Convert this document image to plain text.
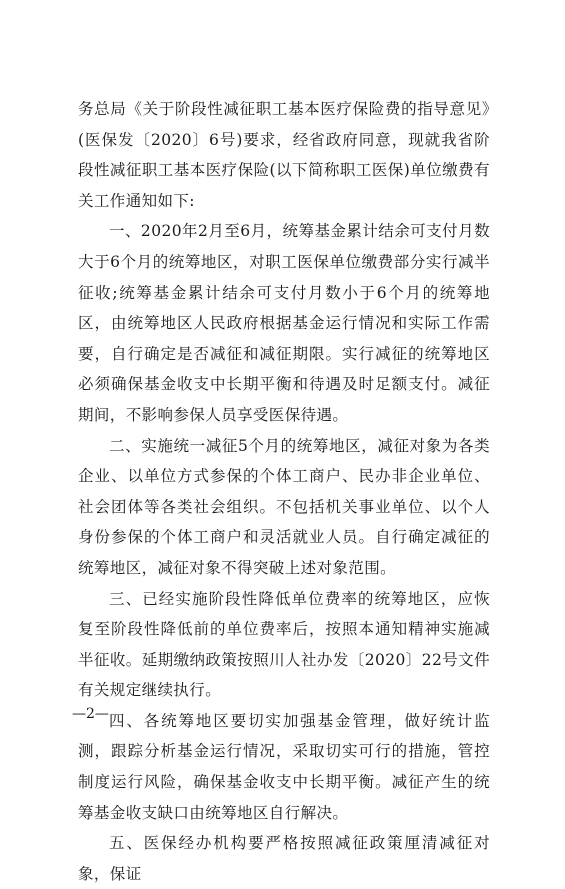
务总局《关于阶段性减征职工基本医疗保险费的指导意见》(医保发〔2020〕6号)要求，经省政府同意，现就我省阶段性减征职工基本医疗保险(以下简称职工医保)单位缴费有关工作通知如下:

一、2020年2月至6月，统筹基金累计结余可支付月数大于6个月的统筹地区，对职工医保单位缴费部分实行减半征收;统筹基金累计结余可支付月数小于6个月的统筹地区，由统筹地区人民政府根据基金运行情况和实际工作需要，自行确定是否减征和减征期限。实行减征的统筹地区必须确保基金收支中长期平衡和待遇及时足额支付。减征期间，不影响参保人员享受医保待遇。

二、实施统一减征5个月的统筹地区，减征对象为各类企业、以单位方式参保的个体工商户、民办非企业单位、社会团体等各类社会组织。不包括机关事业单位、以个人身份参保的个体工商户和灵活就业人员。自行确定减征的统筹地区，减征对象不得突破上述对象范围。

三、已经实施阶段性降低单位费率的统筹地区，应恢复至阶段性降低前的单位费率后，按照本通知精神实施减半征收。延期缴纳政策按照川人社办发〔2020〕22号文件有关规定继续执行。

四、各统筹地区要切实加强基金管理，做好统计监测，跟踪分析基金运行情况，采取切实可行的措施，管控制度运行风险，确保基金收支中长期平衡。减征产生的统筹基金收支缺口由统筹地区自行解决。

五、医保经办机构要严格按照减征政策厘清减征对象，保证

—2—
